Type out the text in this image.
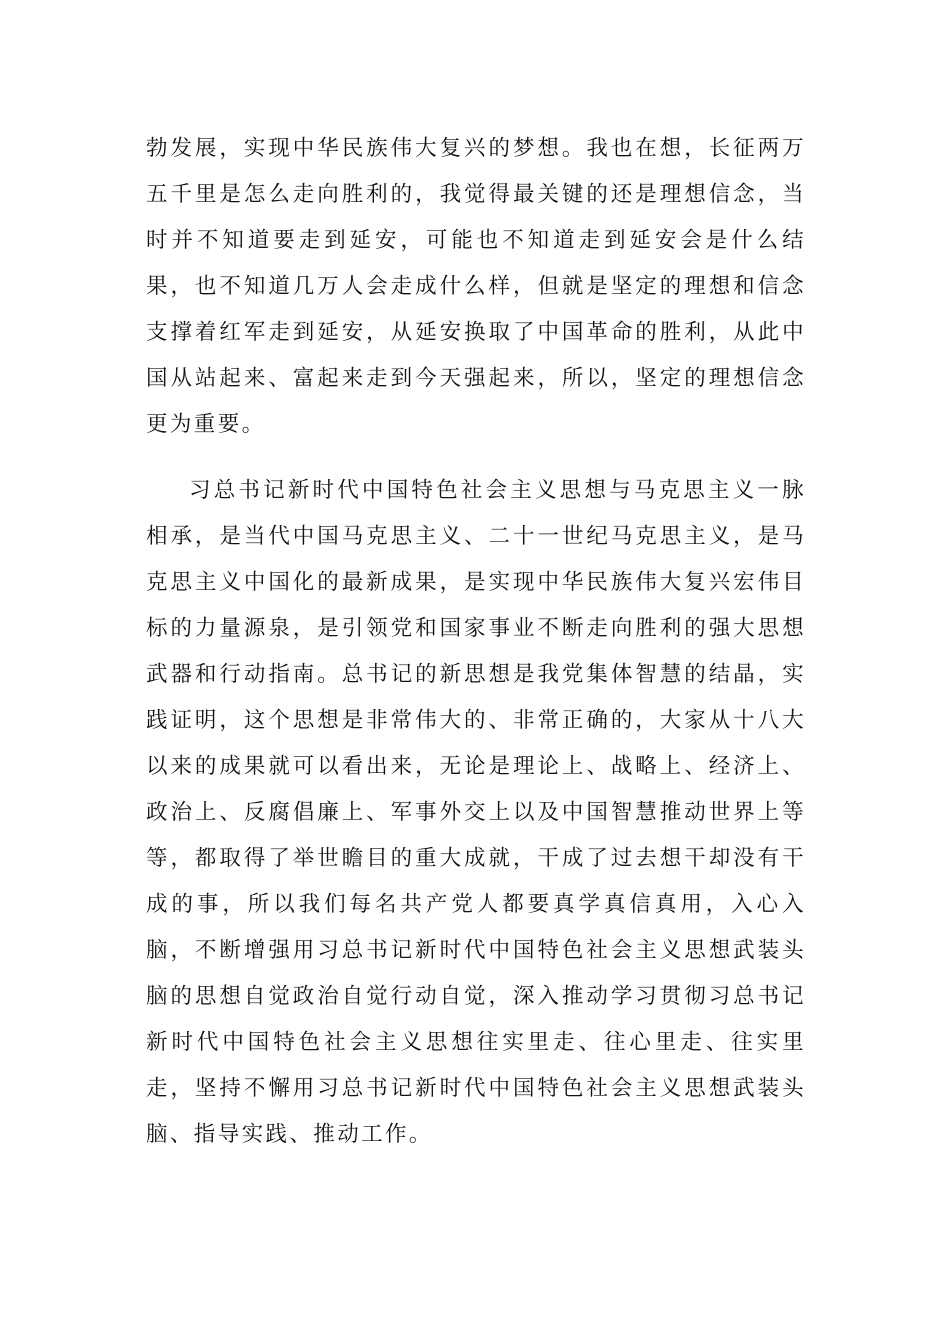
勃发展，实现中华民族伟大复兴的梦想。我也在想，长征两万五千里是怎么走向胜利的，我觉得最关键的还是理想信念，当时并不知道要走到延安，可能也不知道走到延安会是什么结果，也不知道几万人会走成什么样，但就是坚定的理想和信念支撑着红军走到延安，从延安换取了中国革命的胜利，从此中国从站起来、富起来走到今天强起来，所以，坚定的理想信念更为重要。

习总书记新时代中国特色社会主义思想与马克思主义一脉相承，是当代中国马克思主义、二十一世纪马克思主义，是马克思主义中国化的最新成果，是实现中华民族伟大复兴宏伟目标的力量源泉，是引领党和国家事业不断走向胜利的强大思想武器和行动指南。总书记的新思想是我党集体智慧的结晶，实践证明，这个思想是非常伟大的、非常正确的，大家从十八大以来的成果就可以看出来，无论是理论上、战略上、经济上、政治上、反腐倡廉上、军事外交上以及中国智慧推动世界上等等，都取得了举世瞻目的重大成就，干成了过去想干却没有干成的事，所以我们每名共产党人都要真学真信真用，入心入脑，不断增强用习总书记新时代中国特色社会主义思想武装头脑的思想自觉政治自觉行动自觉，深入推动学习贯彻习总书记新时代中国特色社会主义思想往实里走、往心里走、往实里走，坚持不懈用习总书记新时代中国特色社会主义思想武装头脑、指导实践、推动工作。
